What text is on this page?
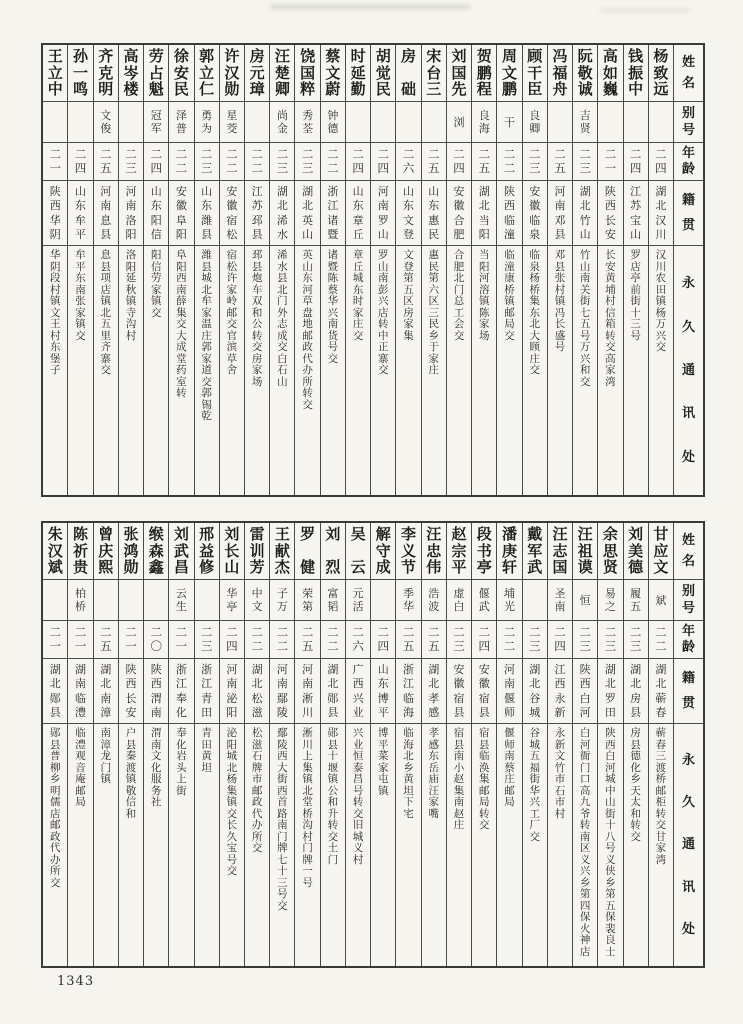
姓
名
别
号
年
龄
籍
贯
永
久
通
讯
处
杨
致
远
二
四
湖
北
汉
川
汉
川
农
田
镇
杨
万
兴
交
钱
振
中
二
四
江
苏
宝
山
罗
店
亭
前
街
十
三
号
高
如
巍
二
一
陕
西
长
安
长
安
黄
埔
村
信
箱
转
交
高
家
湾
阮
敬
诚
吉
贤
二
三
湖
北
竹
山
竹
山
南
关
街
七
五
号
万
兴
和
交
冯
福
舟
二
五
河
南
邓
县
邓
县
张
村
镇
冯
长
盛
号
顾
干
臣
良
卿
二
三
安
徽
临
泉
临
泉
杨
桥
集
东
北
大
顾
庄
交
周
文
鹏
干
二
二
陕
西
临
潼
临
潼
康
桥
镇
邮
局
交
贺
鹏
程
良
海
二
五
湖
北
当
阳
当
阳
河
溶
镇
陈
家
场
刘
国
先
浏
二
四
安
徽
合
肥
合
肥
北
门
总
工
会
交
宋
台
三
二
五
山
东
惠
民
惠
民
第
六
区
三
民
乡
于
家
庄
房
础
二
六
山
东
文
登
文
登
第
五
区
房
家
集
胡
觉
民
二
四
河
南
罗
山
罗
山
南
彭
兴
店
转
中
正
寨
交
时
延
勤
二
四
山
东
章
丘
章
丘
城
东
时
家
庄
交
蔡
文
蔚
钟
德
二
二
浙
江
诸
暨
诸
暨
陈
蔡
华
兴
南
货
号
交
饶
国
粹
秀
荃
二
三
湖
北
英
山
英
山
东
河
草
盘
地
邮
政
代
办
所
转
交
汪
楚
卿
尚
金
二
三
湖
北
浠
水
浠
水
县
北
门
外
志
成
交
白
石
山
房
元
璋
二
二
江
苏
邳
县
邳
县
炮
车
双
和
公
转
交
房
家
场
许
汉
勋
星
茭
二
二
安
徽
宿
松
宿
松
许
家
岭
邮
交
官
滨
草
舍
郭
立
仁
勇
为
二
三
山
东
潍
县
潍
县
城
北
牟
家
温
庄
郭
家
道
交
郭
锡
乾
徐
安
民
泽
普
二
二
安
徽
阜
阳
阜
阳
西
南
薛
集
交
大
成
堂
药
室
转
劳
占
魁
冠
军
二
四
山
东
阳
信
阳
信
劳
家
镇
交
高
岑
楼
二
三
河
南
洛
阳
洛
阳
延
秋
镇
寺
沟
村
齐
克
明
文
俊
二
五
河
南
息
县
息
县
项
店
镇
北
五
里
齐
寨
交
孙
一
鸣
二
四
山
东
牟
平
牟
平
东
南
张
家
镇
交
王
立
中
二
一
陕
西
华
阴
华
阴
段
村
镇
文
王
村
东
堡
子
姓
名
别
号
年
龄
籍
贯
永
久
通
讯
处
甘
应
文
斌
二
二
湖
北
蕲
春
蕲
春
三
渡
桥
邮
柜
转
交
甘
家
湾
刘
美
德
履
五
二
三
湖
北
房
县
房
县
德
化
乡
天
太
和
转
交
余
思
贤
易
之
二
三
湖
北
罗
田
陕
西
白
河
城
中
山
街
十
八
号
义
侠
乡
第
五
保
裴
良
士
汪
祖
谟
恒
二
三
陕
西
白
河
白
河
衙
门
口
高
九
爷
转
南
区
义
兴
乡
第
四
保
火
神
店
汪
志
国
圣
南
二
四
江
西
永
新
永
新
文
竹
市
石
市
村
戴
军
武
二
三
湖
北
谷
城
谷
城
五
福
街
华
兴
工
厂
交
潘
庚
轩
埔
光
二
二
河
南
偃
师
偃
师
南
蔡
庄
邮
局
段
书
亭
偃
武
二
四
安
徽
宿
县
宿
县
临
涣
集
邮
局
转
交
赵
宗
平
虚
白
二
三
安
徽
宿
县
宿
县
南
小
赵
集
南
赵
庄
汪
忠
伟
浩
波
二
五
湖
北
孝
感
孝
感
东
岳
庙
汪
家
嘴
李
义
节
季
华
二
五
浙
江
临
海
临
海
北
乡
黄
坦
下
宅
解
守
成
二
四
山
东
博
平
博
平
菜
家
屯
镇
吴
云
元
活
二
六
广
西
兴
业
兴
业
恒
泰
昌
号
转
交
旧
城
义
村
刘
烈
富
韬
二
二
湖
北
郧
县
郧
县
十
堰
镇
公
和
升
转
交
土
门
罗
健
荣
第
二
五
河
南
淅
川
淅
川
上
集
镇
北
堂
桥
沟
村
门
牌
一
号
王
献
杰
子
万
二
二
河
南
鄢
陵
鄢
陵
西
大
街
西
首
路
南
门
牌
七
十
三
号
交
雷
训
芳
中
文
二
二
湖
北
松
滋
松
滋
石
牌
市
邮
政
代
办
所
交
刘
长
山
华
亭
二
四
河
南
泌
阳
泌
阳
城
北
杨
集
镇
交
长
久
宝
号
交
邢
益
修
二
三
浙
江
青
田
青
田
黄
坦
刘
武
昌
云
生
二
一
浙
江
奉
化
奉
化
岩
头
上
街
缑
森
鑫
二
〇
陕
西
渭
南
渭
南
文
化
服
务
社
张
鸿
勋
二
一
陕
西
长
安
户
县
秦
渡
镇
敬
信
和
曾
庆
熙
二
五
湖
北
南
漳
南
漳
龙
门
镇
陈
祈
贵
柏
桥
二
一
湖
南
临
澧
临
澧
观
音
庵
邮
局
朱
汉
斌
二
一
湖
北
郧
县
郧
县
普
柳
乡
明
儒
店
邮
政
代
办
所
交
1343
